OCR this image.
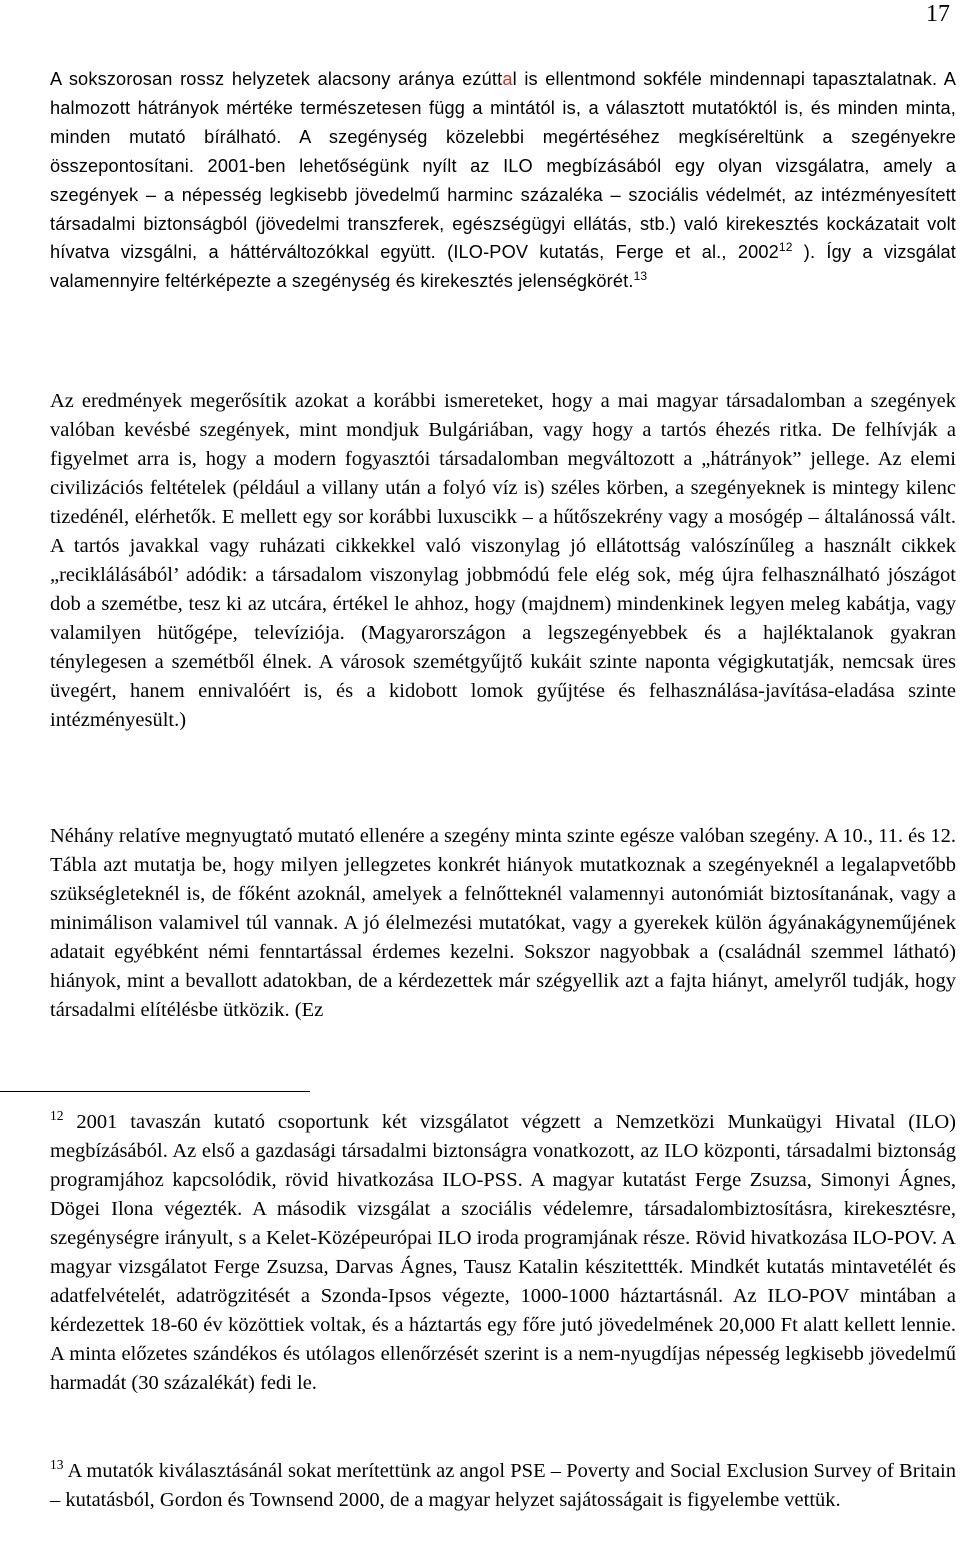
17

A sokszorosan rossz helyzetek alacsony aránya ezúttal is ellentmond sokféle mindennapi tapasztalatnak. A halmozott hátrányok mértéke természetesen függ a mintától is, a választott mutatóktól is, és minden minta, minden mutató bírálható. A szegénység közelebbi megértéséhez megkíséreltünk a szegényekre összepontosítani. 2001-ben lehetőségünk nyílt az ILO megbízásából egy olyan vizsgálatra, amely a szegények – a népesség legkisebb jövedelmű harminc százaléka – szociális védelmét, az intézményesített társadalmi biztonságból (jövedelmi transzferek, egészségügyi ellátás, stb.) való kirekesztés kockázatait volt hívatva vizsgálni, a háttérváltozókkal együtt. (ILO-POV kutatás, Ferge et al., 2002$^{12}$ ). Így a vizsgálat valamennyire feltérképezte a szegénység és kirekesztés jelenségkörét.$^{13}$

Az eredmények megerősítik azokat a korábbi ismereteket, hogy a mai magyar társadalomban a szegények valóban kevésbé szegények, mint mondjuk Bulgáriában, vagy hogy a tartós éhezés ritka. De felhívják a figyelmet arra is, hogy a modern fogyasztói társadalomban megváltozott a „hátrányok” jellege. Az elemi civilizációs feltételek (például a villany után a folyó víz is) széles körben, a szegényeknek is mintegy kilenc tizedénél, elérhetők. E mellett egy sor korábbi luxuscikk – a hűtőszekrény vagy a mosógép – általánossá vált. A tartós javakkal vagy ruházati cikkekkel való viszonylag jó ellátottság valószínűleg a használt cikkek „reciklálásából’ adódik: a társadalom viszonylag jobbmódú fele elég sok, még újra felhasználható jószágot dob a szemétbe, tesz ki az utcára, értékel le ahhoz, hogy (majdnem) mindenkinek legyen meleg kabátja, vagy valamilyen hütőgépe, televíziója. (Magyarországon a legszegényebbek és a hajléktalanok gyakran ténylegesen a szemétből élnek. A városok szemétgyűjtő kukáit szinte naponta végigkutatják, nemcsak üres üvegért, hanem ennivalóért is, és a kidobott lomok gyűjtése és felhasználása-javítása-eladása szinte intézményesült.)

Néhány relatíve megnyugtató mutató ellenére a szegény minta szinte egésze valóban szegény. A 10., 11. és 12. Tábla azt mutatja be, hogy milyen jellegzetes konkrét hiányok mutatkoznak a szegényeknél a legalapvetőbb szükségleteknél is, de főként azoknál, amelyek a felnőtteknél valamennyi autonómiát biztosítanának, vagy a minimálison valamivel túl vannak. A jó élelmezési mutatókat, vagy a gyerekek külön ágyánakágyneműjének adatait egyébként némi fenntartással érdemes kezelni. Sokszor nagyobbak a (családnál szemmel látható) hiányok, mint a bevallott adatokban, de a kérdezettek már szégyellik azt a fajta hiányt, amelyről tudják, hogy társadalmi elítélésbe ütközik. (Ez

$^{12}$ 2001 tavaszán kutató csoportunk két vizsgálatot végzett a Nemzetközi Munkaügyi Hivatal (ILO) megbízásából. Az első a gazdasági társadalmi biztonságra vonatkozott, az ILO központi, társadalmi biztonság programjához kapcsolódik, rövid hivatkozása ILO-PSS. A magyar kutatást Ferge Zsuzsa, Simonyi Ágnes, Dögei Ilona végezték. A második vizsgálat a szociális védelemre, társadalombiztosításra, kirekesztésre, szegénységre irányult, s a Kelet-Középeurópai ILO iroda programjának része. Rövid hivatkozása ILO-POV. A magyar vizsgálatot Ferge Zsuzsa, Darvas Ágnes, Tausz Katalin készitettték. Mindkét kutatás mintavetélét és adatfelvételét, adatrögzitését a Szonda-Ipsos végezte, 1000-1000 háztartásnál. Az ILO-POV mintában a kérdezettek 18-60 év közöttiek voltak, és a háztartás egy főre jutó jövedelmének 20,000 Ft alatt kellett lennie. A minta előzetes szándékos és utólagos ellenőrzését szerint is a nem-nyugdíjas népesség legkisebb jövedelmű harmadát (30 százalékát) fedi le.

$^{13}$ A mutatók kiválasztásánál sokat merítettünk az angol PSE – Poverty and Social Exclusion Survey of Britain – kutatásból, Gordon és Townsend 2000, de a magyar helyzet sajátosságait is figyelembe vettük.
